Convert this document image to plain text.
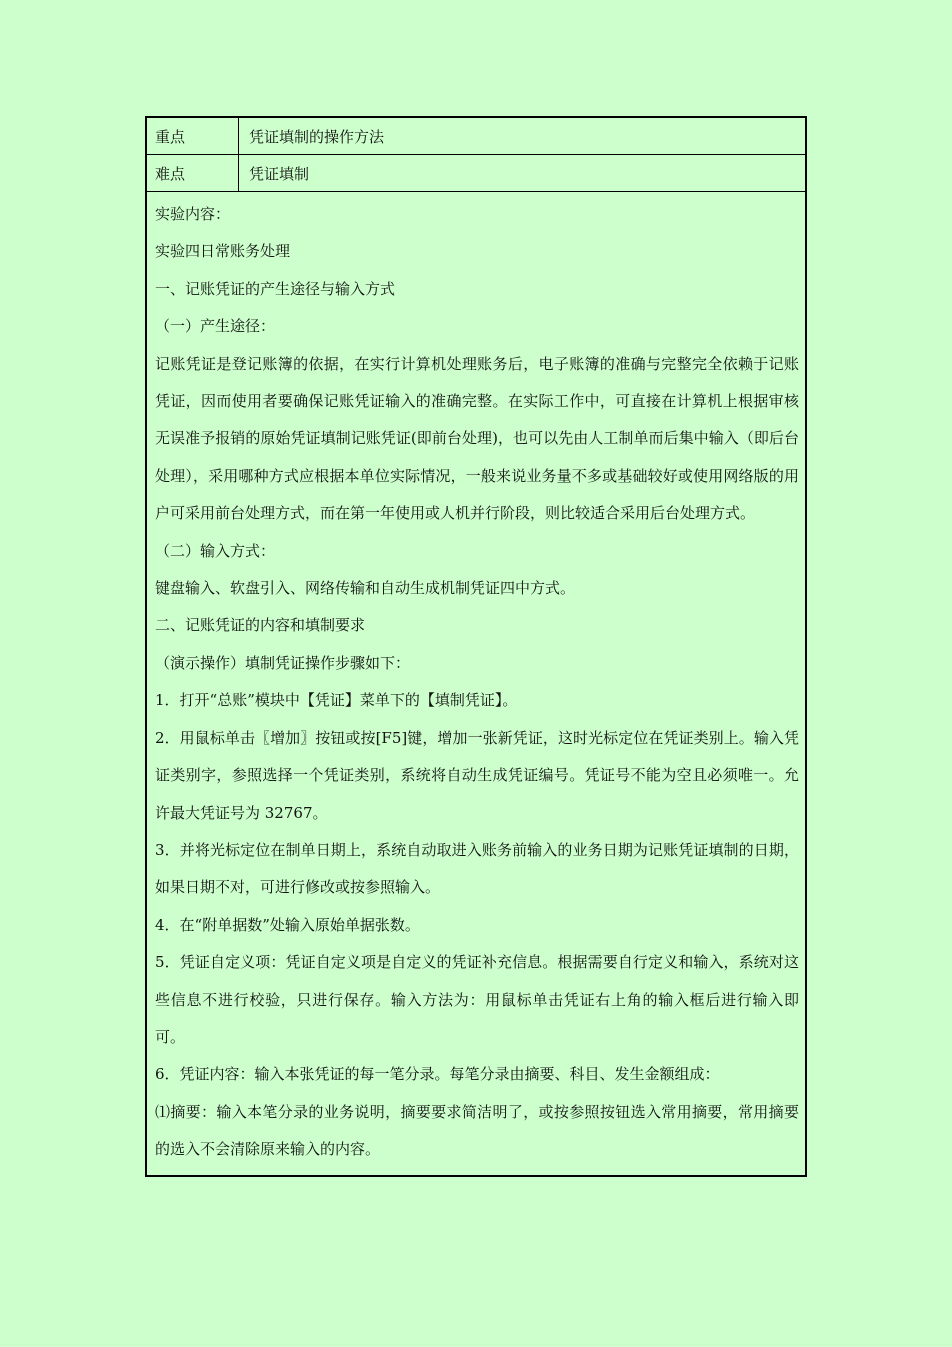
重点	凭证填制的操作方法
难点	凭证填制
实验内容：
实验四日常账务处理
一、记账凭证的产生途径与输入方式
（一）产生途径：
记账凭证是登记账簿的依据，在实行计算机处理账务后，电子账簿的准确与完整完全依赖于记账凭证，因而使用者要确保记账凭证输入的准确完整。在实际工作中，可直接在计算机上根据审核无误准予报销的原始凭证填制记账凭证(即前台处理)，也可以先由人工制单而后集中输入（即后台处理），采用哪种方式应根据本单位实际情况，一般来说业务量不多或基础较好或使用网络版的用户可采用前台处理方式，而在第一年使用或人机并行阶段，则比较适合采用后台处理方式。
（二）输入方式：
键盘输入、软盘引入、网络传输和自动生成机制凭证四中方式。
二、记账凭证的内容和填制要求
（演示操作）填制凭证操作步骤如下：
1．打开“总账”模块中【凭证】菜单下的【填制凭证】。
2．用鼠标单击〖增加〗按钮或按[F5]键，增加一张新凭证，这时光标定位在凭证类别上。输入凭证类别字，参照选择一个凭证类别，系统将自动生成凭证编号。凭证号不能为空且必须唯一。允许最大凭证号为 32767。
3．并将光标定位在制单日期上，系统自动取进入账务前输入的业务日期为记账凭证填制的日期，如果日期不对，可进行修改或按参照输入。
4．在“附单据数”处输入原始单据张数。
5．凭证自定义项：凭证自定义项是自定义的凭证补充信息。根据需要自行定义和输入，系统对这些信息不进行校验，只进行保存。输入方法为：用鼠标单击凭证右上角的输入框后进行输入即可。
6．凭证内容：输入本张凭证的每一笔分录。每笔分录由摘要、科目、发生金额组成：
⑴摘要：输入本笔分录的业务说明，摘要要求简洁明了，或按参照按钮选入常用摘要，常用摘要的选入不会清除原来输入的内容。
